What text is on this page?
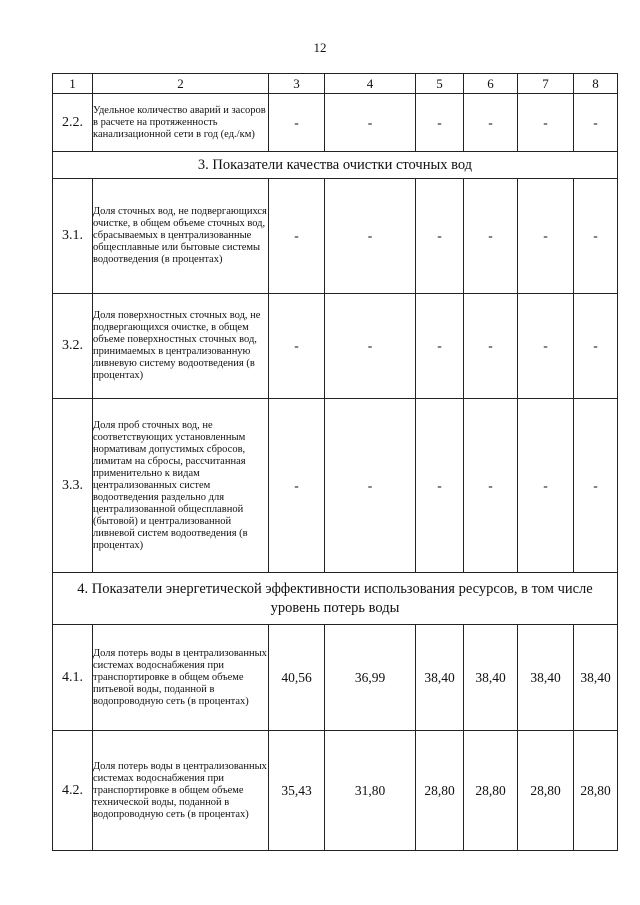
12
1	2	3	4	5	6	7	8
2.2.	Удельное количество аварий и засоров в расчете на протяженность канализационной сети в год (ед./км)	-	-	-	-	-	-
3. Показатели качества очистки сточных вод							
3.1.	Доля сточных вод, не подвергающихся очистке, в общем объеме сточных вод, сбрасываемых в централизованные общесплавные или бытовые системы водоотведения (в процентах)	-	-	-	-	-	-
3.2.	Доля поверхностных сточных вод, не подвергающихся очистке, в общем объеме поверхностных сточных вод, принимаемых в централизованную ливневую систему водоотведения (в процентах)	-	-	-	-	-	-
3.3.	Доля проб сточных вод, не соответствующих установленным нормативам допустимых сбросов, лимитам на сбросы, рассчитанная применительно к видам централизованных систем водоотведения раздельно для централизованной общесплавной (бытовой) и централизованной ливневой систем водоотведения (в процентах)	-	-	-	-	-	-
4. Показатели энергетической эффективности использования ресурсов, в том числе уровень потерь воды							
4.1.	Доля потерь воды в централизованных системах водоснабжения при транспортировке в общем объеме питьевой воды, поданной в водопроводную сеть (в процентах)	40,56	36,99	38,40	38,40	38,40	38,40
4.2.	Доля потерь воды в централизованных системах водоснабжения при транспортировке в общем объеме технической воды, поданной в водопроводную сеть (в процентах)	35,43	31,80	28,80	28,80	28,80	28,80
